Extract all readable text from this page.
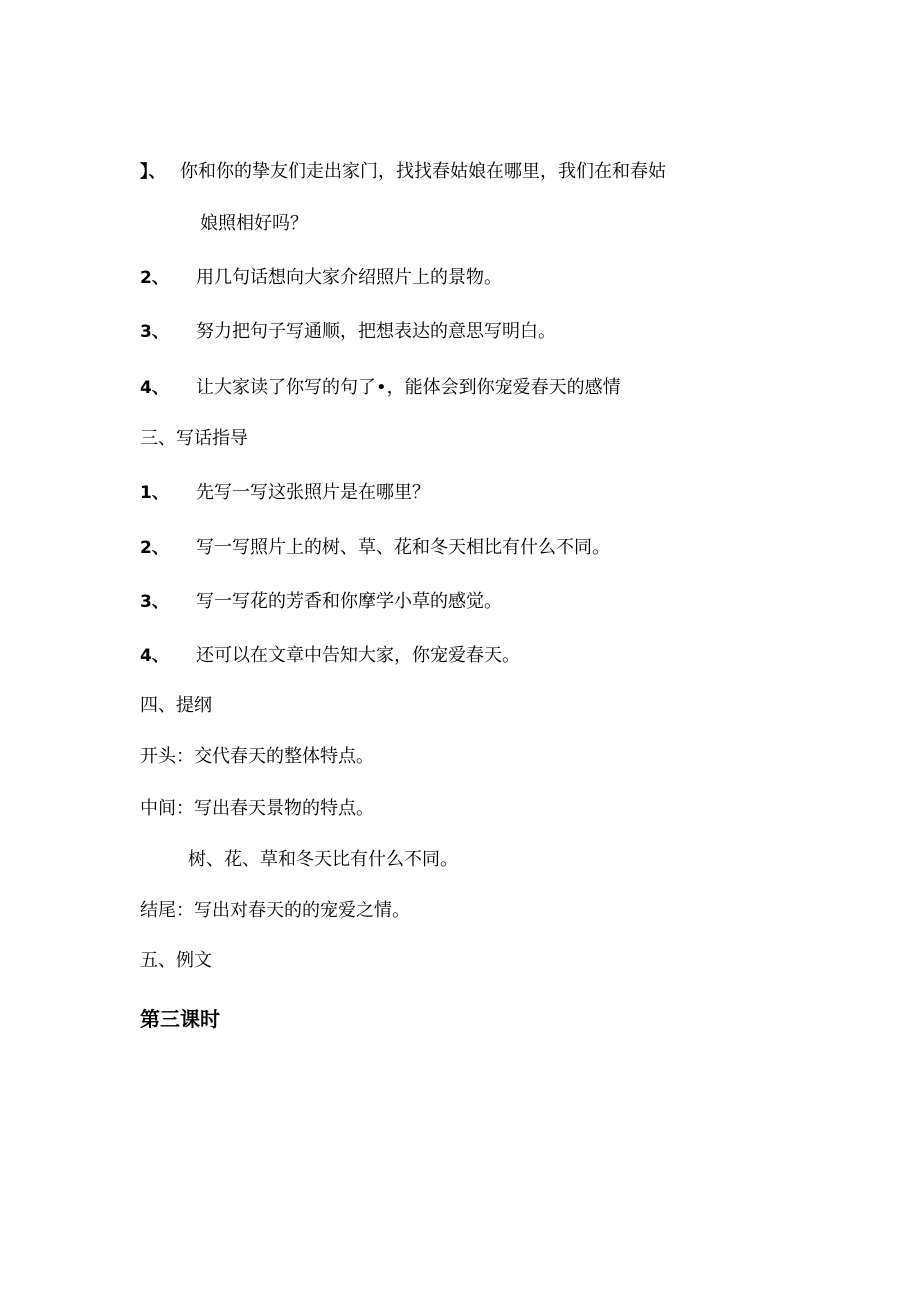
】、 你和你的挚友们走出家门，找找春姑娘在哪里，我们在和春姑
娘照相好吗？
2、 用几句话想向大家介绍照片上的景物。
3、 努力把句子写通顺，把想表达的意思写明白。
4、 让大家读了你写的句了•，能体会到你宠爱春天的感情
三、写话指导
1、 先写一写这张照片是在哪里？
2、 写一写照片上的树、草、花和冬天相比有什么不同。
3、 写一写花的芳香和你摩学小草的感觉。
4、 还可以在文章中告知大家，你宠爱春天。
四、提纲
开头：交代春天的整体特点。
中间：写出春天景物的特点。
树、花、草和冬天比有什么不同。
结尾：写出对春天的的宠爱之情。
五、例文
第三课时
